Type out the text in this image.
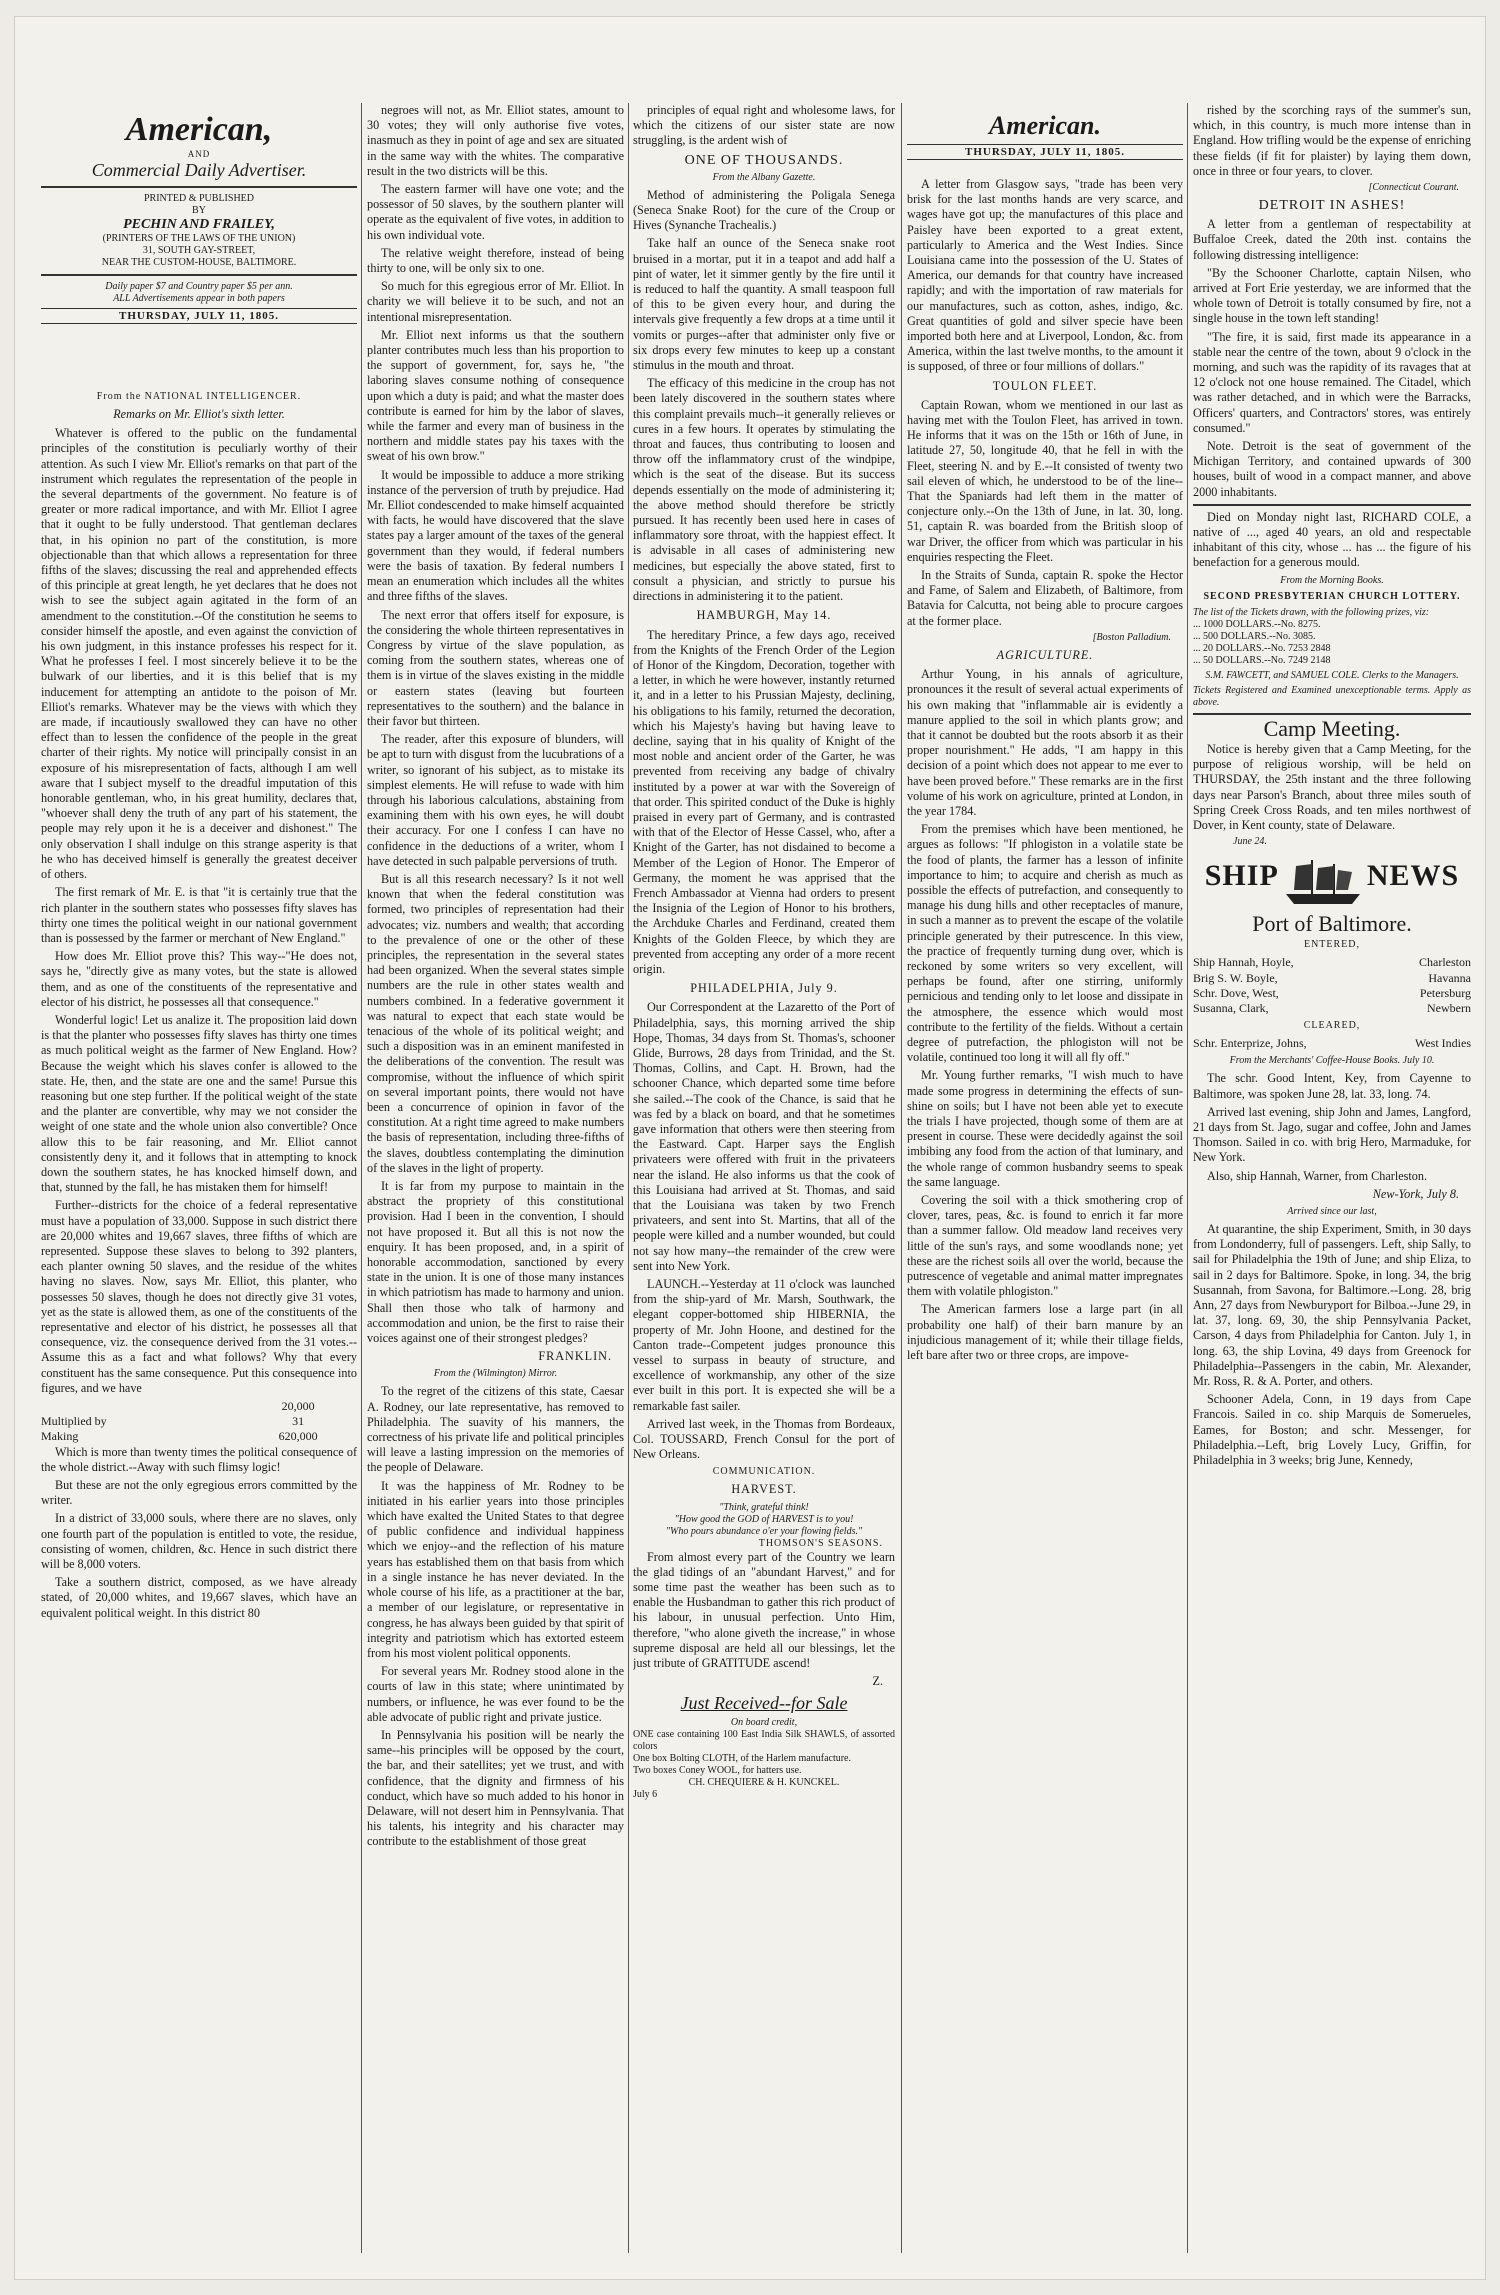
American,
AND
Commercial Daily Advertiser.
PRINTED & PUBLISHED
BY
PECHIN AND FRAILEY,
(PRINTERS OF THE LAWS OF THE UNION)
31, SOUTH GAY-STREET,
NEAR THE CUSTOM-HOUSE, BALTIMORE.
Daily paper $7 and Country paper $5 per ann.
ALL Advertisements appear in both papers
THURSDAY, JULY 11, 1805.
From the NATIONAL INTELLIGENCER.
Remarks on Mr. Elliot's sixth letter.

Whatever is offered to the public on the fundamental principles of the constitution is peculiarly worthy of their attention. As such I view Mr. Elliot's remarks on that part of the instrument which regulates the representation of the people in the several departments of the government. No feature is of greater or more radical importance, and with Mr. Elliot I agree that it ought to be fully understood. That gentleman declares that, in his opinion no part of the constitution, is more objectionable than that which allows a representation for three fifths of the slaves; discussing the real and apprehended effects of this principle at great length, he yet declares that he does not wish to see the subject again agitated in the form of an amendment to the constitution.--Of the constitution he seems to consider himself the apostle, and even against the conviction of his own judgment, in this instance professes his respect for it. What he professes I feel. I most sincerely believe it to be the bulwark of our liberties, and it is this belief that is my inducement for attempting an antidote to the poison of Mr. Elliot's remarks. Whatever may be the views with which they are made, if incautiously swallowed they can have no other effect than to lessen the confidence of the people in the great charter of their rights. My notice will principally consist in an exposure of his misrepresentation of facts, although I am well aware that I subject myself to the dreadful imputation of this honorable gentleman, who, in his great humility, declares that, "whoever shall deny the truth of any part of his statement, the people may rely upon it he is a deceiver and dishonest." The only observation I shall indulge on this strange asperity is that he who has deceived himself is generally the greatest deceiver of others.

The first remark of Mr. E. is that "it is certainly true that the rich planter in the southern states who possesses fifty slaves has thirty one times the political weight in our national government than is possessed by the farmer or merchant of New England."

How does Mr. Elliot prove this? This way--"He does not, says he, "directly give as many votes, but the state is allowed them, and as one of the constituents of the representative and elector of his district, he possesses all that consequence."

Wonderful logic! Let us analize it. The proposition laid down is that the planter who possesses fifty slaves has thirty one times as much political weight as the farmer of New England. How? Because the weight which his slaves confer is allowed to the state. He, then, and the state are one and the same! Pursue this reasoning but one step further. If the political weight of the state and the planter are convertible, why may we not consider the weight of one state and the whole union also convertible? Once allow this to be fair reasoning, and Mr. Elliot cannot consistently deny it, and it follows that in attempting to knock down the southern states, he has knocked himself down, and that, stunned by the fall, he has mistaken them for himself!

Further--districts for the choice of a federal representative must have a population of 33,000. Suppose in such district there are 20,000 whites and 19,667 slaves, three fifths of which are represented. Suppose these slaves to belong to 392 planters, each planter owning 50 slaves, and the residue of the whites having no slaves. Now, says Mr. Elliot, this planter, who possesses 50 slaves, though he does not directly give 31 votes, yet as the state is allowed them, as one of the constituents of the representative and elector of his district, he possesses all that consequence, viz. the consequence derived from the 31 votes.--Assume this as a fact and what follows? Why that every constituent has the same consequence. Put this consequence into figures, and we have

	20,000
Multiplied by	31
Making	620,000

Which is more than twenty times the political consequence of the whole district.--Away with such flimsy logic!

But these are not the only egregious errors committed by the writer.

In a district of 33,000 souls, where there are no slaves, only one fourth part of the population is entitled to vote, the residue, consisting of women, children, &c. Hence in such district there will be 8,000 voters.

Take a southern district, composed, as we have already stated, of 20,000 whites, and 19,667 slaves, which have an equivalent political weight. In this district 80

negroes will not, as Mr. Elliot states, amount to 30 votes; they will only authorise five votes, inasmuch as they in point of age and sex are situated in the same way with the whites. The comparative result in the two districts will be this.

The eastern farmer will have one vote; and the possessor of 50 slaves, by the southern planter will operate as the equivalent of five votes, in addition to his own individual vote.

The relative weight therefore, instead of being thirty to one, will be only six to one.

So much for this egregious error of Mr. Elliot. In charity we will believe it to be such, and not an intentional misrepresentation.

Mr. Elliot next informs us that the southern planter contributes much less than his proportion to the support of government, for, says he, "the laboring slaves consume nothing of consequence upon which a duty is paid; and what the master does contribute is earned for him by the labor of slaves, while the farmer and every man of business in the northern and middle states pay his taxes with the sweat of his own brow."

It would be impossible to adduce a more striking instance of the perversion of truth by prejudice. Had Mr. Elliot condescended to make himself acquainted with facts, he would have discovered that the slave states pay a larger amount of the taxes of the general government than they would, if federal numbers were the basis of taxation. By federal numbers I mean an enumeration which includes all the whites and three fifths of the slaves.

The next error that offers itself for exposure, is the considering the whole thirteen representatives in Congress by virtue of the slave population, as coming from the southern states, whereas one of them is in virtue of the slaves existing in the middle or eastern states (leaving but fourteen representatives to the southern) and the balance in their favor but thirteen.

The reader, after this exposure of blunders, will be apt to turn with disgust from the lucubrations of a writer, so ignorant of his subject, as to mistake its simplest elements. He will refuse to wade with him through his laborious calculations, abstaining from examining them with his own eyes, he will doubt their accuracy. For one I confess I can have no confidence in the deductions of a writer, whom I have detected in such palpable perversions of truth.

But is all this research necessary? Is it not well known that when the federal constitution was formed, two principles of representation had their advocates; viz. numbers and wealth; that according to the prevalence of one or the other of these principles, the representation in the several states had been organized. When the several states simple numbers are the rule in other states wealth and numbers combined. In a federative government it was natural to expect that each state would be tenacious of the whole of its political weight; and such a disposition was in an eminent manifested in the deliberations of the convention. The result was compromise, without the influence of which spirit on several important points, there would not have been a concurrence of opinion in favor of the constitution. At a right time agreed to make numbers the basis of representation, including three-fifths of the slaves, doubtless contemplating the diminution of the slaves in the light of property.

It is far from my purpose to maintain in the abstract the propriety of this constitutional provision. Had I been in the convention, I should not have proposed it. But all this is not now the enquiry. It has been proposed, and, in a spirit of honorable accommodation, sanctioned by every state in the union. It is one of those many instances in which patriotism has made to harmony and union. Shall then those who talk of harmony and accommodation and union, be the first to raise their voices against one of their strongest pledges?

FRANKLIN.
From the (Wilmington) Mirror.

To the regret of the citizens of this state, Caesar A. Rodney, our late representative, has removed to Philadelphia. The suavity of his manners, the correctness of his private life and political principles will leave a lasting impression on the memories of the people of Delaware.

It was the happiness of Mr. Rodney to be initiated in his earlier years into those principles which have exalted the United States to that degree of public confidence and individual happiness which we enjoy--and the reflection of his mature years has established them on that basis from which in a single instance he has never deviated. In the whole course of his life, as a practitioner at the bar, a member of our legislature, or representative in congress, he has always been guided by that spirit of integrity and patriotism which has extorted esteem from his most violent political opponents.

For several years Mr. Rodney stood alone in the courts of law in this state; where unintimated by numbers, or influence, he was ever found to be the able advocate of public right and private justice.

In Pennsylvania his position will be nearly the same--his principles will be opposed by the court, the bar, and their satellites; yet we trust, and with confidence, that the dignity and firmness of his conduct, which have so much added to his honor in Delaware, will not desert him in Pennsylvania. That his talents, his integrity and his character may contribute to the establishment of those great

principles of equal right and wholesome laws, for which the citizens of our sister state are now struggling, is the ardent wish of

ONE OF THOUSANDS.
From the Albany Gazette.

Method of administering the Poligala Senega (Seneca Snake Root) for the cure of the Croup or Hives (Synanche Trachealis.)

Take half an ounce of the Seneca snake root bruised in a mortar, put it in a teapot and add half a pint of water, let it simmer gently by the fire until it is reduced to half the quantity. A small teaspoon full of this to be given every hour, and during the intervals give frequently a few drops at a time until it vomits or purges--after that administer only five or six drops every few minutes to keep up a constant stimulus in the mouth and throat.

The efficacy of this medicine in the croup has not been lately discovered in the southern states where this complaint prevails much--it generally relieves or cures in a few hours. It operates by stimulating the throat and fauces, thus contributing to loosen and throw off the inflammatory crust of the windpipe, which is the seat of the disease. But its success depends essentially on the mode of administering it; the above method should therefore be strictly pursued. It has recently been used here in cases of inflammatory sore throat, with the happiest effect. It is advisable in all cases of administering new medicines, but especially the above stated, first to consult a physician, and strictly to pursue his directions in administering it to the patient.

HAMBURGH, May 14.

The hereditary Prince, a few days ago, received from the Knights of the French Order of the Legion of Honor of the Kingdom, Decoration, together with a letter, in which he were however, instantly returned it, and in a letter to his Prussian Majesty, declining, his obligations to his family, returned the decoration, which his Majesty's having but having leave to decline, saying that in his quality of Knight of the most noble and ancient order of the Garter, he was prevented from receiving any badge of chivalry instituted by a power at war with the Sovereign of that order. This spirited conduct of the Duke is highly praised in every part of Germany, and is contrasted with that of the Elector of Hesse Cassel, who, after a Knight of the Garter, has not disdained to become a Member of the Legion of Honor. The Emperor of Germany, the moment he was apprised that the French Ambassador at Vienna had orders to present the Insignia of the Legion of Honor to his brothers, the Archduke Charles and Ferdinand, created them Knights of the Golden Fleece, by which they are prevented from accepting any order of a more recent origin.

PHILADELPHIA, July 9.

Our Correspondent at the Lazaretto of the Port of Philadelphia, says, this morning arrived the ship Hope, Thomas, 34 days from St. Thomas's, schooner Glide, Burrows, 28 days from Trinidad, and the St. Thomas, Collins, and Capt. H. Brown, had the schooner Chance, which departed some time before she sailed.--The cook of the Chance, is said that he was fed by a black on board, and that he sometimes gave information that others were then steering from the Eastward. Capt. Harper says the English privateers were offered with fruit in the privateers near the island. He also informs us that the cook of this Louisiana had arrived at St. Thomas, and said that the Louisiana was taken by two French privateers, and sent into St. Martins, that all of the people were killed and a number wounded, but could not say how many--the remainder of the crew were sent into New York.

LAUNCH.--Yesterday at 11 o'clock was launched from the ship-yard of Mr. Marsh, Southwark, the elegant copper-bottomed ship HIBERNIA, the property of Mr. John Hoone, and destined for the Canton trade--Competent judges pronounce this vessel to surpass in beauty of structure, and excellence of workmanship, any other of the size ever built in this port. It is expected she will be a remarkable fast sailer.

Arrived last week, in the Thomas from Bordeaux, Col. TOUSSARD, French Consul for the port of New Orleans.

COMMUNICATION.
HARVEST.
"Think, grateful think!
"How good the GOD of HARVEST is to you!
"Who pours abundance o'er your flowing fields."
THOMSON'S SEASONS.

From almost every part of the Country we learn the glad tidings of an "abundant Harvest," and for some time past the weather has been such as to enable the Husbandman to gather this rich product of his labour, in unusual perfection. Unto Him, therefore, "who alone giveth the increase," in whose supreme disposal are held all our blessings, let the just tribute of GRATITUDE ascend!

Z.
Just Received--for Sale
On board credit,
ONE case containing 100 East India Silk SHAWLS, of assorted colors
One box Bolting CLOTH, of the Harlem manufacture.
Two boxes Coney WOOL, for hatters use.
CH. CHEQUIERE & H. KUNCKEL.
July 6
American.
THURSDAY, JULY 11, 1805.

A letter from Glasgow says, "trade has been very brisk for the last months hands are very scarce, and wages have got up; the manufactures of this place and Paisley have been exported to a great extent, particularly to America and the West Indies. Since Louisiana came into the possession of the U. States of America, our demands for that country have increased rapidly; and with the importation of raw materials for our manufactures, such as cotton, ashes, indigo, &c. Great quantities of gold and silver specie have been imported both here and at Liverpool, London, &c. from America, within the last twelve months, to the amount it is supposed, of three or four millions of dollars."

TOULON FLEET.

Captain Rowan, whom we mentioned in our last as having met with the Toulon Fleet, has arrived in town. He informs that it was on the 15th or 16th of June, in latitude 27, 50, longitude 40, that he fell in with the Fleet, steering N. and by E.--It consisted of twenty two sail eleven of which, he understood to be of the line--That the Spaniards had left them in the matter of conjecture only.--On the 13th of June, in lat. 30, long. 51, captain R. was boarded from the British sloop of war Driver, the officer from which was particular in his enquiries respecting the Fleet.

In the Straits of Sunda, captain R. spoke the Hector and Fame, of Salem and Elizabeth, of Baltimore, from Batavia for Calcutta, not being able to procure cargoes at the former place.

[Boston Palladium.
AGRICULTURE.

Arthur Young, in his annals of agriculture, pronounces it the result of several actual experiments of his own making that "inflammable air is evidently a manure applied to the soil in which plants grow; and that it cannot be doubted but the roots absorb it as their proper nourishment." He adds, "I am happy in this decision of a point which does not appear to me ever to have been proved before." These remarks are in the first volume of his work on agriculture, printed at London, in the year 1784.

From the premises which have been mentioned, he argues as follows: "If phlogiston in a volatile state be the food of plants, the farmer has a lesson of infinite importance to him; to acquire and cherish as much as possible the effects of putrefaction, and consequently to manage his dung hills and other receptacles of manure, in such a manner as to prevent the escape of the volatile principle generated by their putrescence. In this view, the practice of frequently turning dung over, which is reckoned by some writers so very excellent, will perhaps be found, after one stirring, uniformly pernicious and tending only to let loose and dissipate in the atmosphere, the essence which would most contribute to the fertility of the fields. Without a certain degree of putrefaction, the phlogiston will not be volatile, continued too long it will all fly off."

Mr. Young further remarks, "I wish much to have made some progress in determining the effects of sun-shine on soils; but I have not been able yet to execute the trials I have projected, though some of them are at present in course. These were decidedly against the soil imbibing any food from the action of that luminary, and the whole range of common husbandry seems to speak the same language.

Covering the soil with a thick smothering crop of clover, tares, peas, &c. is found to enrich it far more than a summer fallow. Old meadow land receives very little of the sun's rays, and some woodlands none; yet these are the richest soils all over the world, because the putrescence of vegetable and animal matter impregnates them with volatile phlogiston."

The American farmers lose a large part (in all probability one half) of their barn manure by an injudicious management of it; while their tillage fields, left bare after two or three crops, are impove-

rished by the scorching rays of the summer's sun, which, in this country, is much more intense than in England. How trifling would be the expense of enriching these fields (if fit for plaister) by laying them down, once in three or four years, to clover.

[Connecticut Courant.
DETROIT IN ASHES!

A letter from a gentleman of respectability at Buffaloe Creek, dated the 20th inst. contains the following distressing intelligence:

"By the Schooner Charlotte, captain Nilsen, who arrived at Fort Erie yesterday, we are informed that the whole town of Detroit is totally consumed by fire, not a single house in the town left standing!

"The fire, it is said, first made its appearance in a stable near the centre of the town, about 9 o'clock in the morning, and such was the rapidity of its ravages that at 12 o'clock not one house remained. The Citadel, which was rather detached, and in which were the Barracks, Officers' quarters, and Contractors' stores, was entirely consumed."

Note. Detroit is the seat of government of the Michigan Territory, and contained upwards of 300 houses, built of wood in a compact manner, and above 2000 inhabitants.

Died on Monday night last, RICHARD COLE, a native of ..., aged 40 years, an old and respectable inhabitant of this city, whose ... has ... the figure of his benefaction for a generous mould.

From the Morning Books.
SECOND PRESBYTERIAN CHURCH LOTTERY.
The list of the Tickets drawn, with the following prizes, viz:
... 1000 DOLLARS.--No. 8275.
... 500 DOLLARS.--No. 3085.
... 20 DOLLARS.--No. 7253 2848
... 50 DOLLARS.--No. 7249 2148
S.M. FAWCETT, and SAMUEL COLE. Clerks to the Managers.
Tickets Registered and Examined unexceptionable terms. Apply as above.
Camp Meeting.

Notice is hereby given that a Camp Meeting, for the purpose of religious worship, will be held on THURSDAY, the 25th instant and the three following days near Parson's Branch, about three miles south of Spring Creek Cross Roads, and ten miles northwest of Dover, in Kent county, state of Delaware.

June 24.
SHIP	NEWS
Port of Baltimore.
ENTERED,
Ship Hannah, Hoyle,	Charleston
Brig S. W. Boyle,	Havanna
Schr. Dove, West,	Petersburg
Susanna, Clark,	Newbern
CLEARED,
Schr. Enterprize, Johns,	West Indies
From the Merchants' Coffee-House Books. July 10.

The schr. Good Intent, Key, from Cayenne to Baltimore, was spoken June 28, lat. 33, long. 74.

Arrived last evening, ship John and James, Langford, 21 days from St. Jago, sugar and coffee, John and James Thomson. Sailed in co. with brig Hero, Marmaduke, for New York.

Also, ship Hannah, Warner, from Charleston.

New-York, July 8.
Arrived since our last,

At quarantine, the ship Experiment, Smith, in 30 days from Londonderry, full of passengers. Left, ship Sally, to sail for Philadelphia the 19th of June; and ship Eliza, to sail in 2 days for Baltimore. Spoke, in long. 34, the brig Susannah, from Savona, for Baltimore.--Long. 28, brig Ann, 27 days from Newburyport for Bilboa.--June 29, in lat. 37, long. 69, 30, the ship Pennsylvania Packet, Carson, 4 days from Philadelphia for Canton. July 1, in long. 63, the ship Lovina, 49 days from Greenock for Philadelphia--Passengers in the cabin, Mr. Alexander, Mr. Ross, R. & A. Porter, and others.

Schooner Adela, Conn, in 19 days from Cape Francois. Sailed in co. ship Marquis de Somerueles, Eames, for Boston; and schr. Messenger, for Philadelphia.--Left, brig Lovely Lucy, Griffin, for Philadelphia in 3 weeks; brig June, Kennedy,
